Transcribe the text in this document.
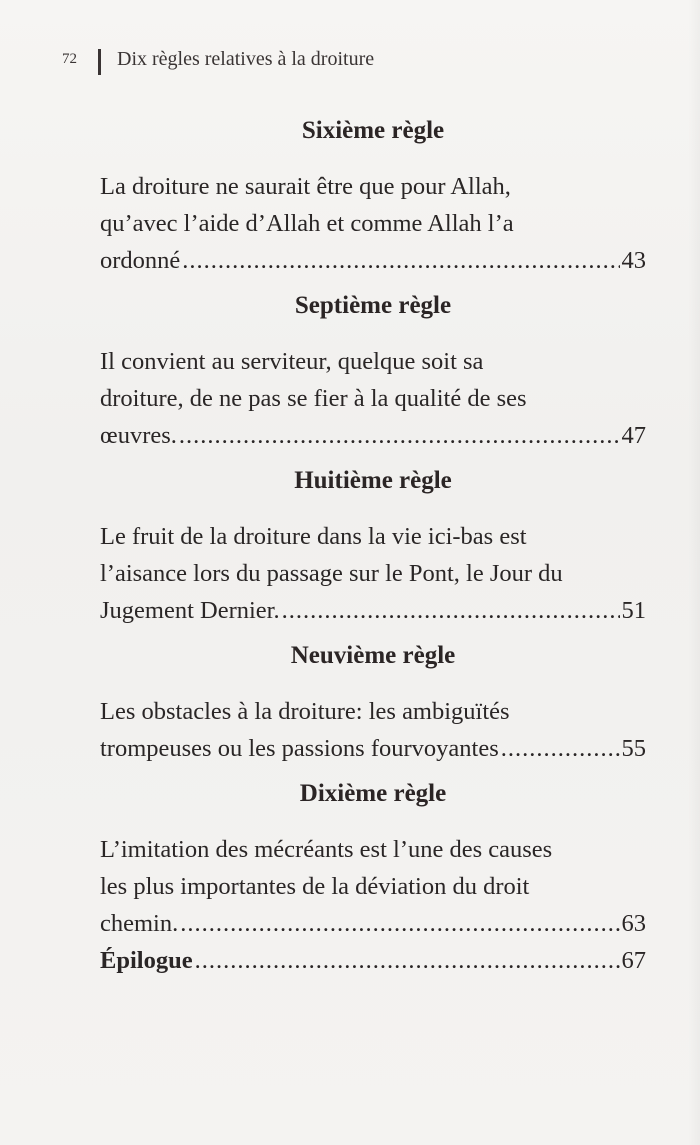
72	Dix règles relatives à la droiture
Sixième règle
La droiture ne saurait être que pour Allah,
qu’avec l’aide d’Allah et comme Allah l’a
ordonné .....	43
Septième règle
Il convient au serviteur, quelque soit sa
droiture, de ne pas se fier à la qualité de ses
œuvres. .....	47
Huitième règle
Le fruit de la droiture dans la vie ici-bas est
l’aisance lors du passage sur le Pont, le Jour du
Jugement Dernier. .....	51
Neuvième règle
Les obstacles à la droiture: les ambiguïtés
trompeuses ou les passions fourvoyantes .....	55
Dixième règle
L’imitation des mécréants est l’une des causes
les plus importantes de la déviation du droit
chemin. .....	63
Épilogue .....	67
